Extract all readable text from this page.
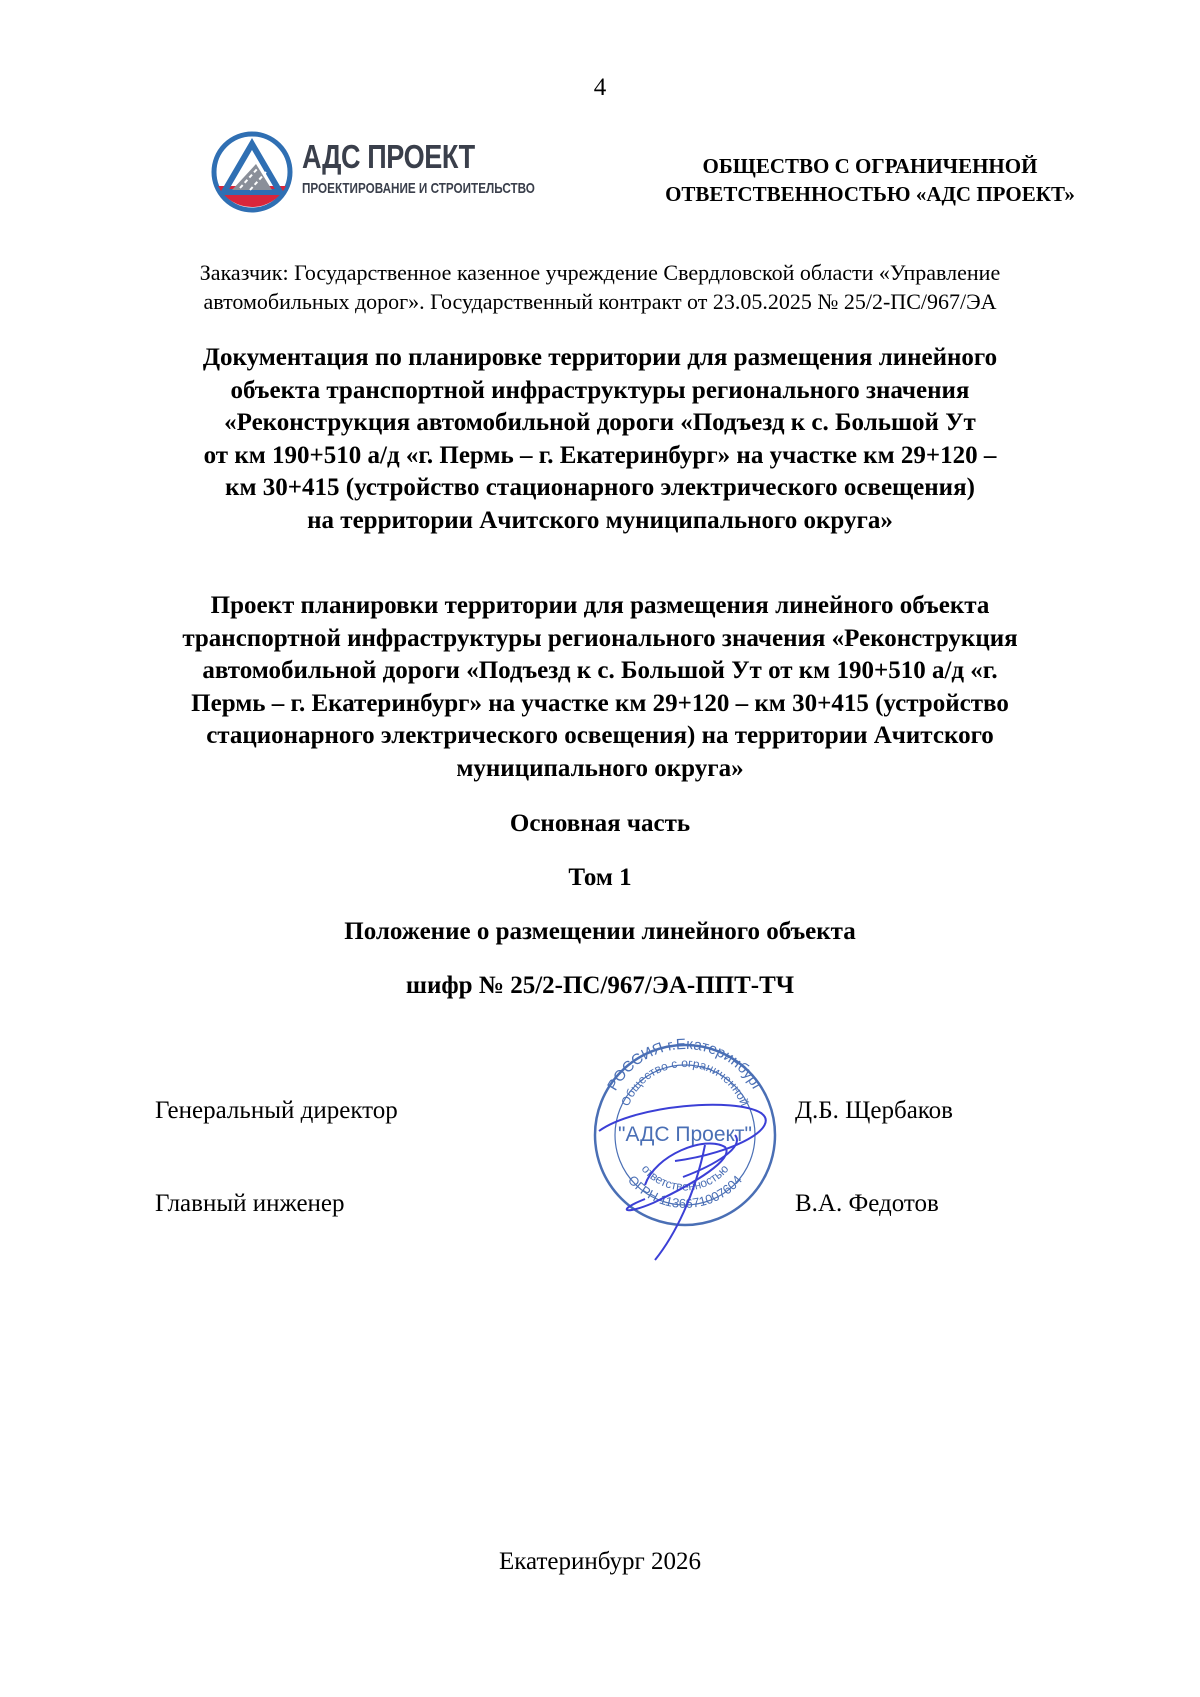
4
АДС ПРОЕКТ
ПРОЕКТИРОВАНИЕ И СТРОИТЕЛЬСТВО
ОБЩЕСТВО С ОГРАНИЧЕННОЙ
ОТВЕТСТВЕННОСТЬЮ «АДС ПРОЕКТ»
Заказчик: Государственное казенное учреждение Свердловской области «Управление
автомобильных дорог». Государственный контракт от 23.05.2025 № 25/2-ПС/967/ЭА
Документация по планировке территории для размещения линейного
объекта транспортной инфраструктуры регионального значения
«Реконструкция автомобильной дороги «Подъезд к с. Большой Ут
от км 190+510 а/д «г. Пермь – г. Екатеринбург» на участке км 29+120 –
км 30+415 (устройство стационарного электрического освещения)
на территории Ачитского муниципального округа»
Проект планировки территории для размещения линейного объекта
транспортной инфраструктуры регионального значения «Реконструкция
автомобильной дороги «Подъезд к с. Большой Ут от км 190+510 а/д «г.
Пермь – г. Екатеринбург» на участке км 29+120 – км 30+415 (устройство
стационарного электрического освещения) на территории Ачитского
муниципального округа»
Основная часть
Том 1
Положение о размещении линейного объекта
шифр № 25/2-ПС/967/ЭА-ППТ-ТЧ
Генеральный директор	Д.Б. Щербаков
Главный инженер	В.А. Федотов
РОССИЯ г.Екатеринбург
Общество с ограниченной
ответственностью
ОГРН 1136671007604
"АДС Проект"
Екатеринбург 2026
